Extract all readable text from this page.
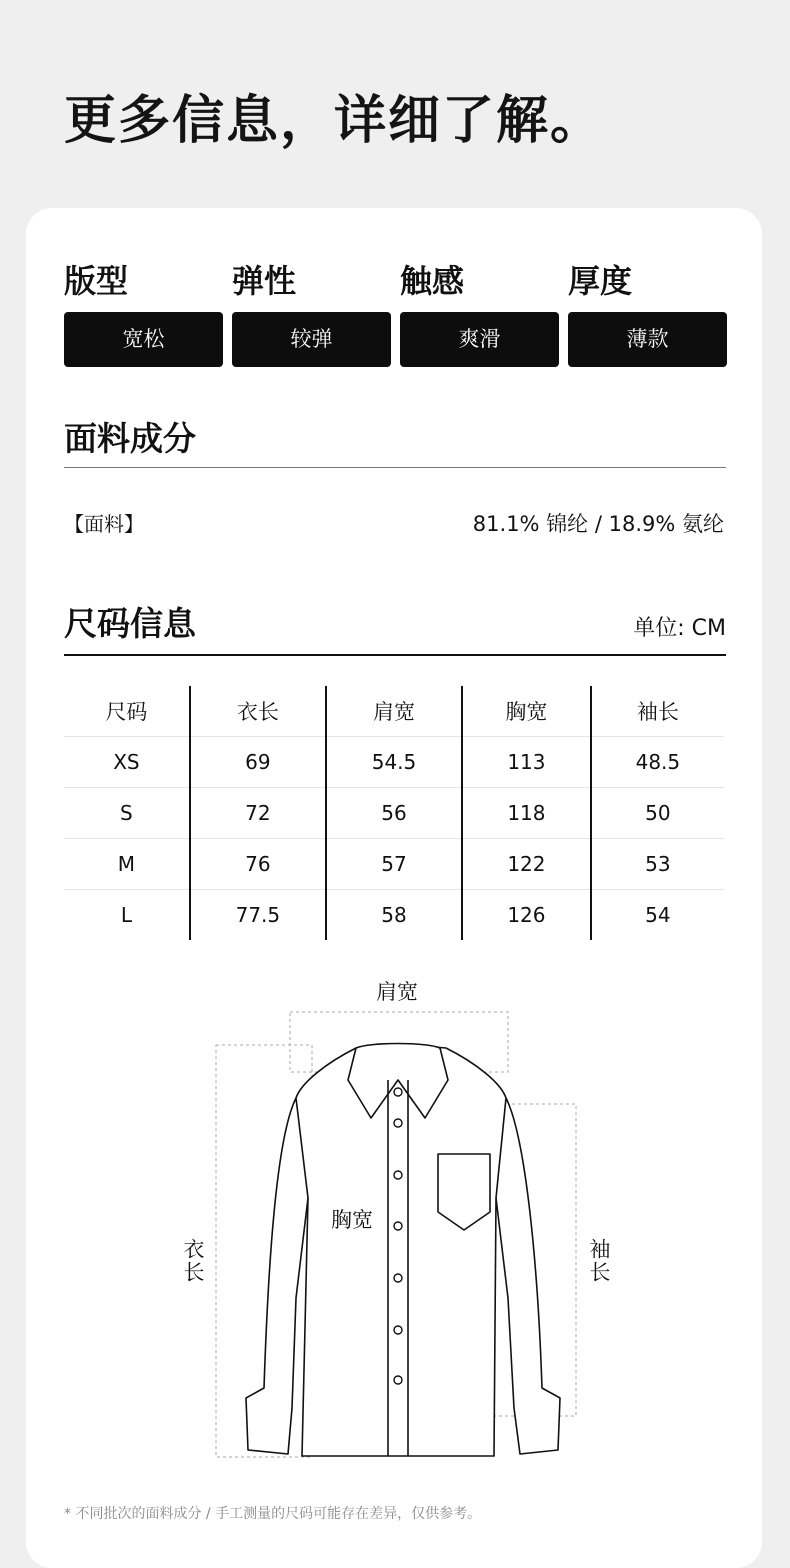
更多信息，详细了解。
版型
宽松
弹性
较弹
触感
爽滑
厚度
薄款
面料成分
【面料】	81.1% 锦纶 / 18.9% 氨纶
尺码信息	单位: CM
尺码	衣长	肩宽	胸宽	袖长
XS	69	54.5	113	48.5
S	72	56	118	50
M	76	57	122	53
L	77.5	58	126	54
肩宽
胸宽
衣长	袖长
* 不同批次的面料成分 / 手工测量的尺码可能存在差异，仅供参考。
